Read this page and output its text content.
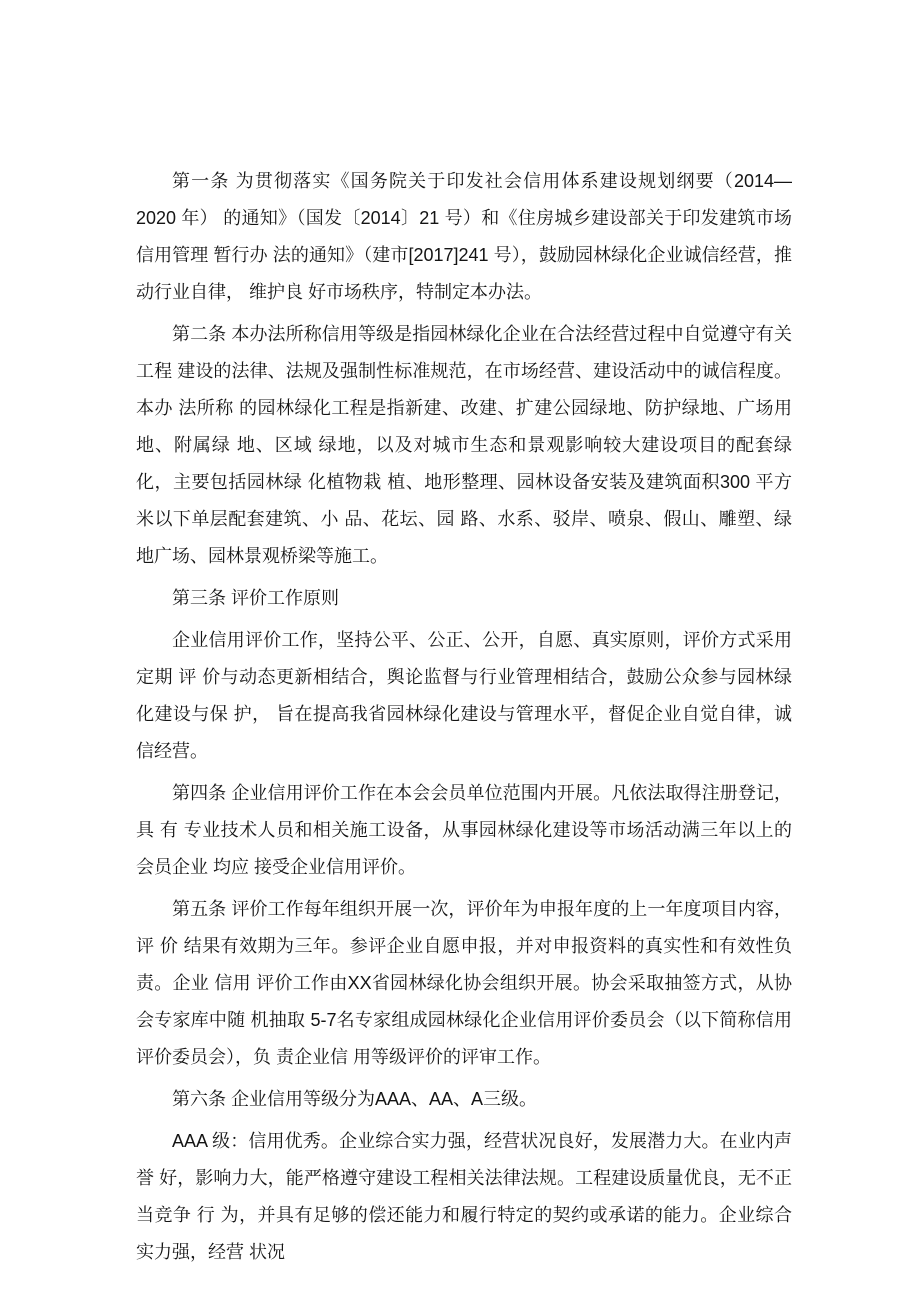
第一条 为贯彻落实《国务院关于印发社会信用体系建设规划纲要（2014—2020 年） 的通知》（国发〔2014〕21 号）和《住房城乡建设部关于印发建筑市场信用管理 暂行办 法的通知》（建市[2017]241 号），鼓励园林绿化企业诚信经营，推动行业自律， 维护良 好市场秩序，特制定本办法。

第二条 本办法所称信用等级是指园林绿化企业在合法经营过程中自觉遵守有关 工程 建设的法律、法规及强制性标准规范，在市场经营、建设活动中的诚信程度。本办 法所称 的园林绿化工程是指新建、改建、扩建公园绿地、防护绿地、广场用地、附属绿 地、区域 绿地，以及对城市生态和景观影响较大建设项目的配套绿化，主要包括园林绿 化植物栽 植、地形整理、园林设备安装及建筑面积300 平方米以下单层配套建筑、小 品、花坛、园 路、水系、驳岸、喷泉、假山、雕塑、绿地广场、园林景观桥梁等施工。

第三条 评价工作原则

企业信用评价工作，坚持公平、公正、公开，自愿、真实原则，评价方式采用定期 评 价与动态更新相结合，舆论监督与行业管理相结合，鼓励公众参与园林绿化建设与保 护， 旨在提高我省园林绿化建设与管理水平，督促企业自觉自律，诚信经营。

第四条 企业信用评价工作在本会会员单位范围内开展。凡依法取得注册登记，具 有 专业技术人员和相关施工设备，从事园林绿化建设等市场活动满三年以上的会员企业 均应 接受企业信用评价。

第五条 评价工作每年组织开展一次，评价年为申报年度的上一年度项目内容，评 价 结果有效期为三年。参评企业自愿申报，并对申报资料的真实性和有效性负责。企业 信用 评价工作由XX省园林绿化协会组织开展。协会采取抽签方式，从协会专家库中随 机抽取 5-7名专家组成园林绿化企业信用评价委员会（以下简称信用评价委员会），负 责企业信 用等级评价的评审工作。

第六条 企业信用等级分为AAA、AA、A三级。

AAA 级：信用优秀。企业综合实力强，经营状况良好，发展潜力大。在业内声誉 好，影响力大，能严格遵守建设工程相关法律法规。工程建设质量优良，无不正当竞争 行 为，并具有足够的偿还能力和履行特定的契约或承诺的能力。企业综合实力强，经营 状况
